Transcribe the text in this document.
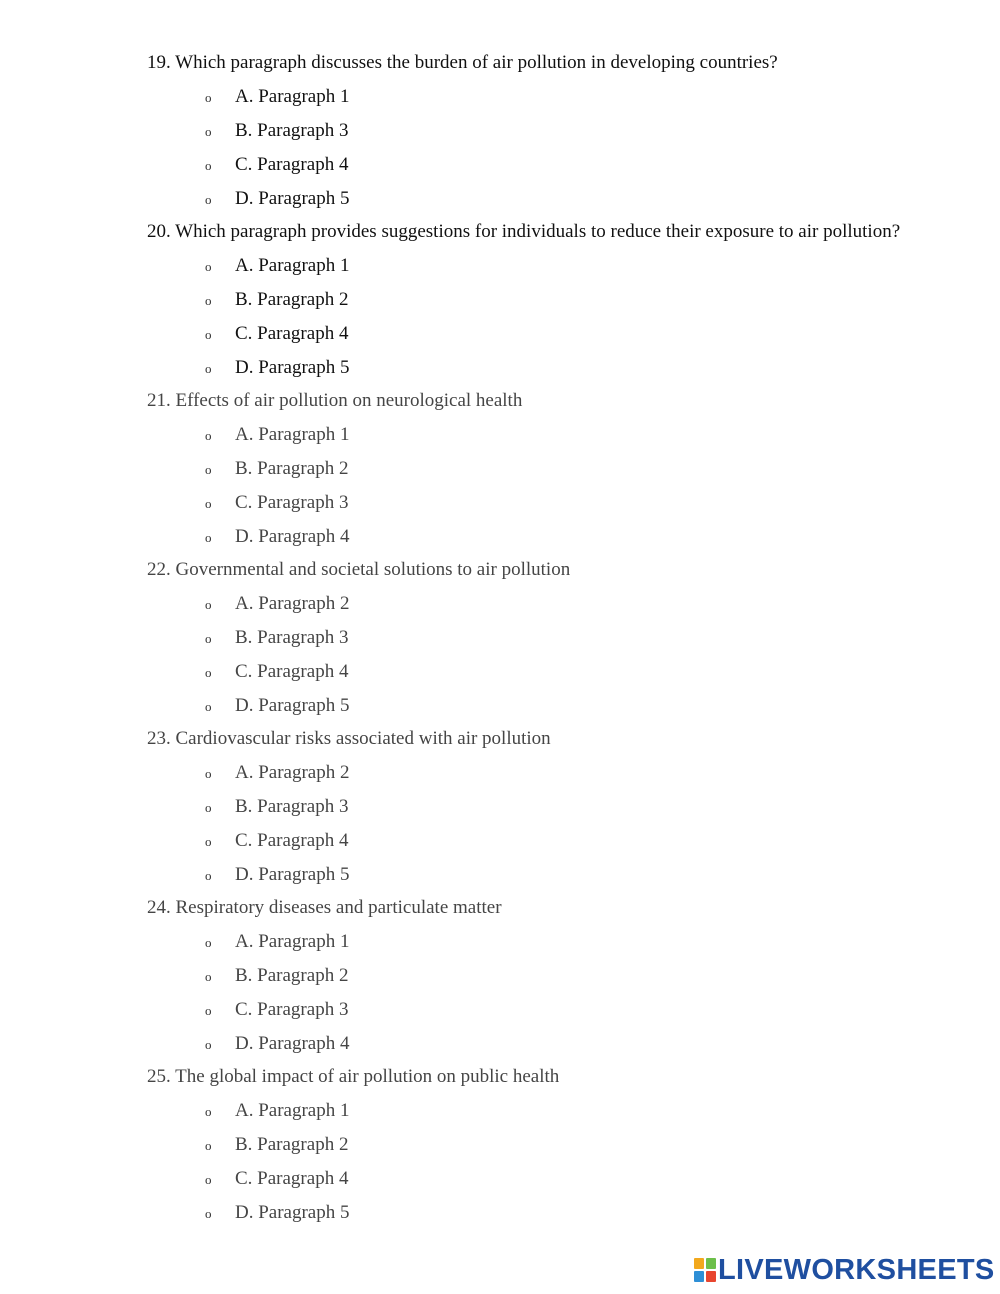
19. Which paragraph discusses the burden of air pollution in developing countries?
o A. Paragraph 1
o B. Paragraph 3
o C. Paragraph 4
o D. Paragraph 5
20. Which paragraph provides suggestions for individuals to reduce their exposure to air pollution?
o A. Paragraph 1
o B. Paragraph 2
o C. Paragraph 4
o D. Paragraph 5
21. Effects of air pollution on neurological health
o A. Paragraph 1
o B. Paragraph 2
o C. Paragraph 3
o D. Paragraph 4
22. Governmental and societal solutions to air pollution
o A. Paragraph 2
o B. Paragraph 3
o C. Paragraph 4
o D. Paragraph 5
23. Cardiovascular risks associated with air pollution
o A. Paragraph 2
o B. Paragraph 3
o C. Paragraph 4
o D. Paragraph 5
24. Respiratory diseases and particulate matter
o A. Paragraph 1
o B. Paragraph 2
o C. Paragraph 3
o D. Paragraph 4
25. The global impact of air pollution on public health
o A. Paragraph 1
o B. Paragraph 2
o C. Paragraph 4
o D. Paragraph 5
LIVEWORKSHEETS
